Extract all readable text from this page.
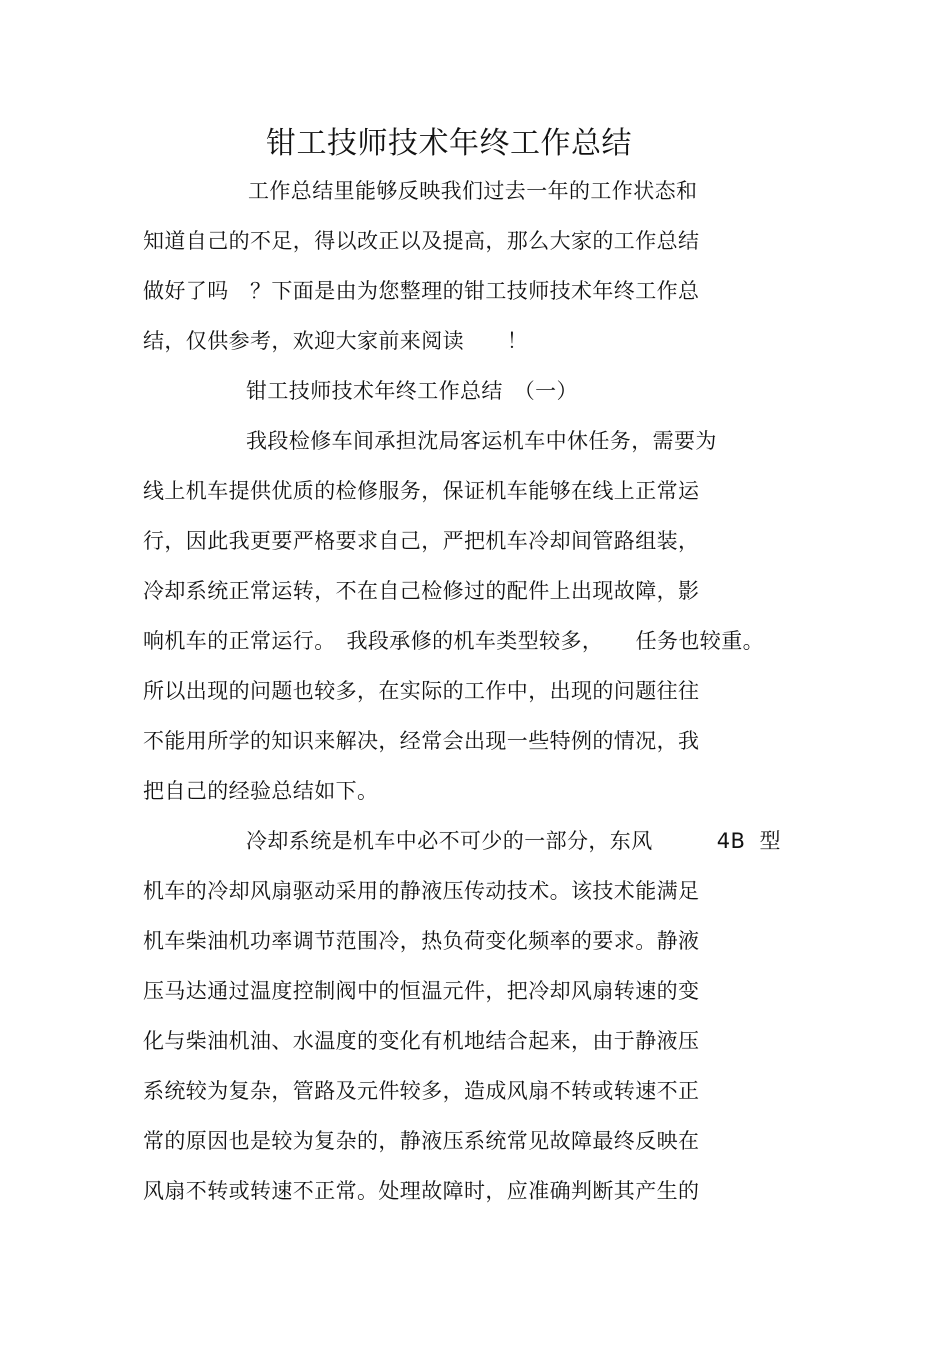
钳工技师技术年终工作总结
工作总结里能够反映我们过去一年的工作状态和
知道自己的不足，得以改正以及提高，那么大家的工作总结
做好了吗　？下面是由为您整理的钳工技师技术年终工作总
结，仅供参考，欢迎大家前来阅读　　！
钳工技师技术年终工作总结　（一）
我段检修车间承担沈局客运机车中休任务，需要为
线上机车提供优质的检修服务，保证机车能够在线上正常运
行，因此我更要严格要求自己，严把机车冷却间管路组装，
冷却系统正常运转，不在自己检修过的配件上出现故障，影
响机车的正常运行。　我段承修的机车类型较多，　　任务也较重。
所以出现的问题也较多，在实际的工作中，出现的问题往往
不能用所学的知识来解决，经常会出现一些特例的情况，我
把自己的经验总结如下。
冷却系统是机车中必不可少的一部分，东风　　　4B  型
机车的冷却风扇驱动采用的静液压传动技术。该技术能满足
机车柴油机功率调节范围冷，热负荷变化频率的要求。静液
压马达通过温度控制阀中的恒温元件，把冷却风扇转速的变
化与柴油机油、水温度的变化有机地结合起来，由于静液压
系统较为复杂，管路及元件较多，造成风扇不转或转速不正
常的原因也是较为复杂的，静液压系统常见故障最终反映在
风扇不转或转速不正常。处理故障时，应准确判断其产生的
